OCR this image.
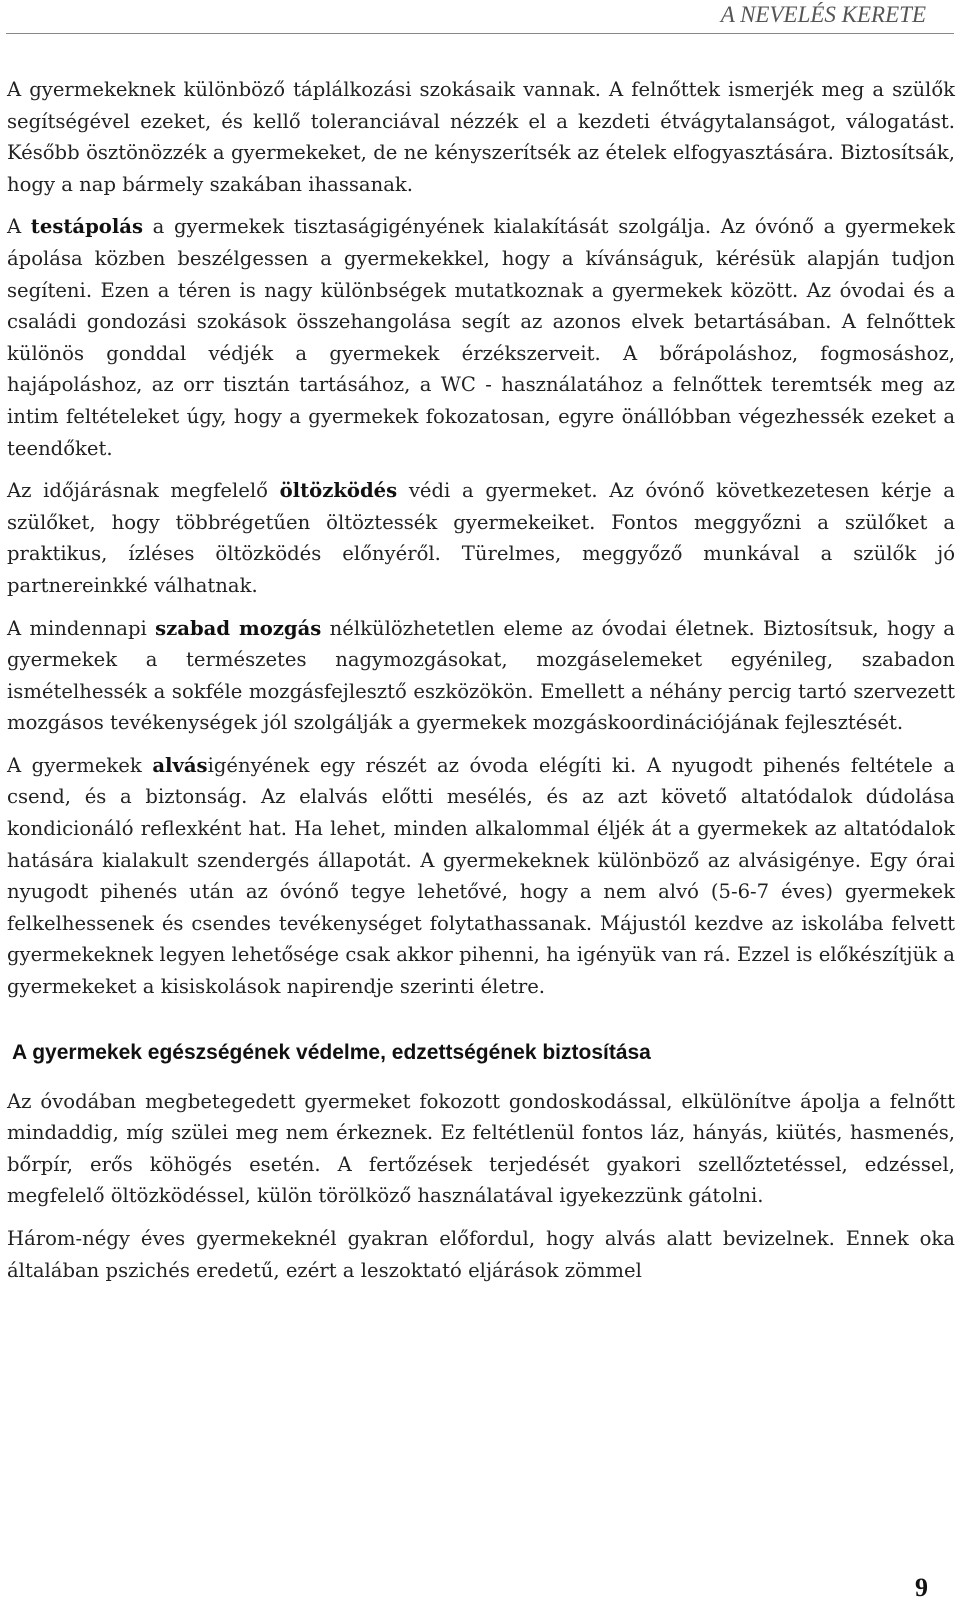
A NEVELÉS KERETE

A gyermekeknek különböző táplálkozási szokásaik vannak. A felnőttek ismerjék meg a szülők segítségével ezeket, és kellő toleranciával nézzék el a kezdeti étvágytalanságot, válogatást. Később ösztönözzék a gyermekeket, de ne kényszerítsék az ételek elfogyasztására. Biztosítsák, hogy a nap bármely szakában ihassanak.

A testápolás a gyermekek tisztaságigényének kialakítását szolgálja. Az óvónő a gyermekek ápolása közben beszélgessen a gyermekekkel, hogy a kívánságuk, kérésük alapján tudjon segíteni. Ezen a téren is nagy különbségek mutatkoznak a gyermekek között. Az óvodai és a családi gondozási szokások összehangolása segít az azonos elvek betartásában. A felnőttek különös gonddal védjék a gyermekek érzékszerveit. A bőrápoláshoz, fogmosáshoz, hajápoláshoz, az orr tisztán tartásához, a WC - használatához a felnőttek teremtsék meg az intim feltételeket úgy, hogy a gyermekek fokozatosan, egyre önállóbban végezhessék ezeket a teendőket.

Az időjárásnak megfelelő öltözködés védi a gyermeket. Az óvónő következetesen kérje a szülőket, hogy többrégetűen öltöztessék gyermekeiket. Fontos meggyőzni a szülőket a praktikus, ízléses öltözködés előnyéről. Türelmes, meggyőző munkával a szülők jó partnereinkké válhatnak.

A mindennapi szabad mozgás nélkülözhetetlen eleme az óvodai életnek. Biztosítsuk, hogy a gyermekek a természetes nagymozgásokat, mozgáselemeket egyénileg, szabadon ismételhessék a sokféle mozgásfejlesztő eszközökön. Emellett a néhány percig tartó szervezett mozgásos tevékenységek jól szolgálják a gyermekek mozgáskoordinációjának fejlesztését.

A gyermekek alvásigényének egy részét az óvoda elégíti ki. A nyugodt pihenés feltétele a csend, és a biztonság. Az elalvás előtti mesélés, és az azt követő altatódalok dúdolása kondicionáló reflexként hat. Ha lehet, minden alkalommal éljék át a gyermekek az altatódalok hatására kialakult szendergés állapotát. A gyermekeknek különböző az alvásigénye. Egy órai nyugodt pihenés után az óvónő tegye lehetővé, hogy a nem alvó (5-6-7 éves) gyermekek felkelhessenek és csendes tevékenységet folytathassanak. Májustól kezdve az iskolába felvett gyermekeknek legyen lehetősége csak akkor pihenni, ha igényük van rá. Ezzel is előkészítjük a gyermekeket a kisiskolások napirendje szerinti életre.

A gyermekek egészségének védelme, edzettségének biztosítása

Az óvodában megbetegedett gyermeket fokozott gondoskodással, elkülönítve ápolja a felnőtt mindaddig, míg szülei meg nem érkeznek. Ez feltétlenül fontos láz, hányás, kiütés, hasmenés, bőrpír, erős köhögés esetén. A fertőzések terjedését gyakori szellőztetéssel, edzéssel, megfelelő öltözködéssel, külön törölköző használatával igyekezzünk gátolni.

Három-négy éves gyermekeknél gyakran előfordul, hogy alvás alatt bevizelnek. Ennek oka általában pszichés eredetű, ezért a leszoktató eljárások zömmel

9
